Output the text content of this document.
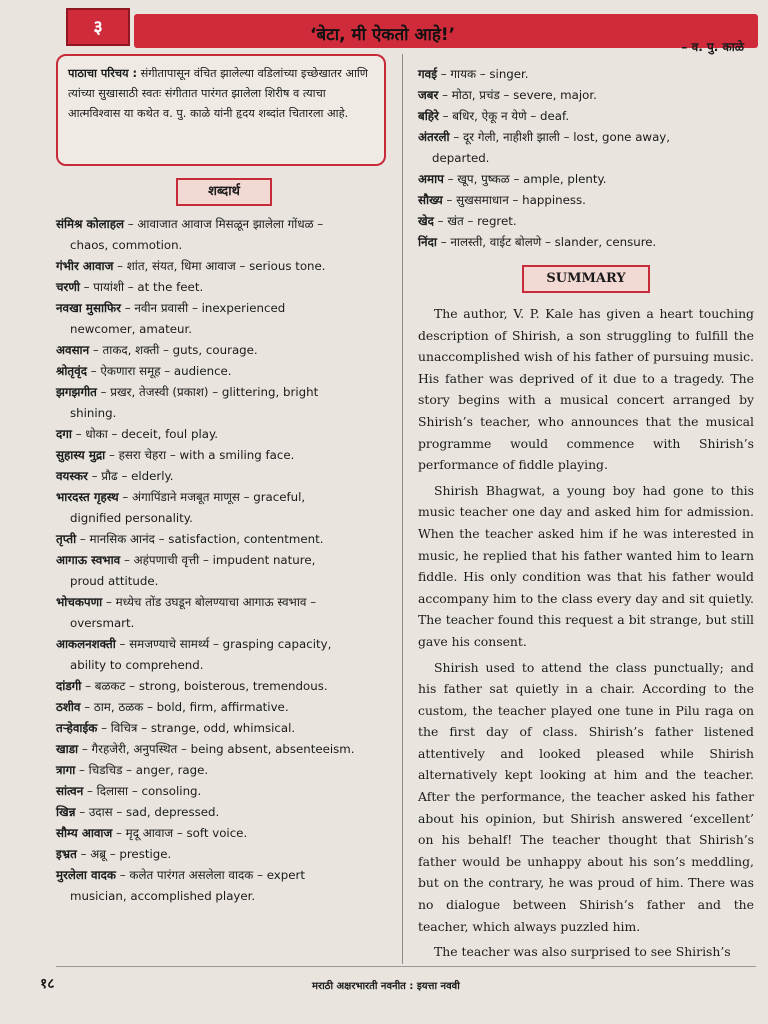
३	‘बेटा, मी ऐकतो आहे!’
– व. पु. काळे
पाठाचा परिचय : संगीतापासून वंचित झालेल्या वडिलांच्या इच्छेखातर आणि त्यांच्या सुखासाठी स्वतः संगीतात पारंगत झालेला शिरीष व त्याचा आत्मविश्वास या कथेत व. पु. काळे यांनी हृदय शब्दांत चितारला आहे.
शब्दार्थ

संमिश्र कोलाहल – आवाजात आवाज मिसळून झालेला गोंधळ –
chaos, commotion.

गंभीर आवाज – शांत, संयत, धिमा आवाज – serious tone.

चरणी – पायांशी – at the feet.

नवखा मुसाफिर – नवीन प्रवासी – inexperienced
newcomer, amateur.

अवसान – ताकद, शक्ती – guts, courage.

श्रोतृवृंद – ऐकणारा समूह – audience.

झगझगीत – प्रखर, तेजस्वी (प्रकाश) – glittering, bright
shining.

दगा – धोका – deceit, foul play.

सुहास्य मुद्रा – हसरा चेहरा – with a smiling face.

वयस्कर – प्रौढ – elderly.

भारदस्त गृहस्थ – अंगापिंडाने मजबूत माणूस – graceful,
dignified personality.

तृप्ती – मानसिक आनंद – satisfaction, contentment.

आगाऊ स्वभाव – अहंपणाची वृत्ती – impudent nature,
proud attitude.

भोचकपणा – मध्येच तोंड उघडून बोलण्याचा आगाऊ स्वभाव –
oversmart.

आकलनशक्ती – समजण्याचे सामर्थ्य – grasping capacity,
ability to comprehend.

दांडगी – बळकट – strong, boisterous, tremendous.

ठशीव – ठाम, ठळक – bold, firm, affirmative.

तऱ्हेवाईक – विचित्र – strange, odd, whimsical.

खाडा – गैरहजेरी, अनुपस्थित – being absent, absenteeism.

त्रागा – चिडचिड – anger, rage.

सांत्वन – दिलासा – consoling.

खिन्न – उदास – sad, depressed.

सौम्य आवाज – मृदू आवाज – soft voice.

इभ्रत – अब्रू – prestige.

मुरलेला वादक – कलेत पारंगत असलेला वादक – expert
musician, accomplished player.

गवई – गायक – singer.

जबर – मोठा, प्रचंड – severe, major.

बहिरे – बधिर, ऐकू न येणे – deaf.

अंतरली – दूर गेली, नाहीशी झाली – lost, gone away,
departed.

अमाप – खूप, पुष्कळ – ample, plenty.

सौख्य – सुखसमाधान – happiness.

खेद – खंत – regret.

निंदा – नालस्ती, वाईट बोलणे – slander, censure.

SUMMARY

The author, V. P. Kale has given a heart touching description of Shirish, a son struggling to fulfill the unaccomplished wish of his father of pursuing music. His father was deprived of it due to a tragedy. The story begins with a musical concert arranged by Shirish’s teacher, who announces that the musical programme would commence with Shirish’s performance of fiddle playing.

Shirish Bhagwat, a young boy had gone to this music teacher one day and asked him for admission. When the teacher asked him if he was interested in music, he replied that his father wanted him to learn fiddle. His only condition was that his father would accompany him to the class every day and sit quietly. The teacher found this request a bit strange, but still gave his consent.

Shirish used to attend the class punctually; and his father sat quietly in a chair. According to the custom, the teacher played one tune in Pilu raga on the first day of class. Shirish’s father listened attentively and looked pleased while Shirish alternatively kept looking at him and the teacher. After the performance, the teacher asked his father about his opinion, but Shirish answered ‘excellent’ on his behalf! The teacher thought that Shirish’s father would be unhappy about his son’s meddling, but on the contrary, he was proud of him. There was no dialogue between Shirish’s father and the teacher, which always puzzled him.

The teacher was also surprised to see Shirish’s

१८	मराठी अक्षरभारती नवनीत : इयत्ता नववी
